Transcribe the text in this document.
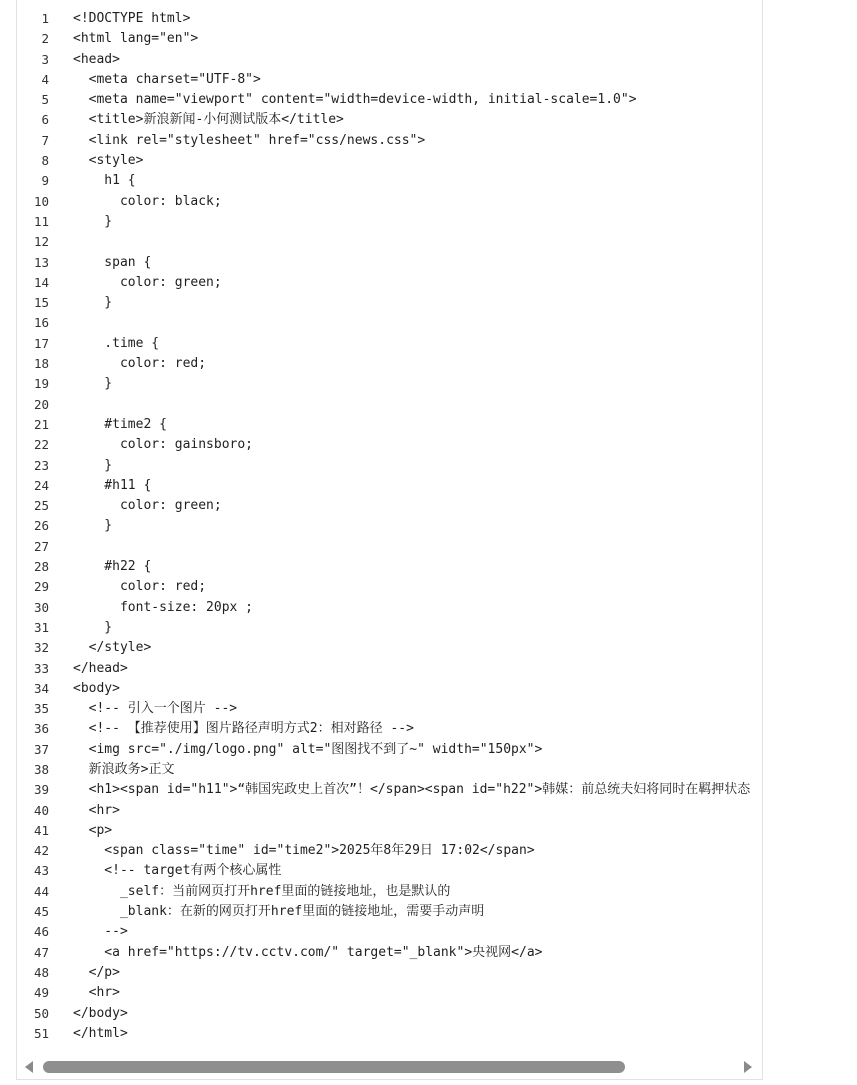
1 <!DOCTYPE html>
2 <html lang="en">
3 <head>
4 <meta charset="UTF-8">
5 <meta name="viewport" content="width=device-width, initial-scale=1.0">
6 <title>新浪新闻-小何测试版本</title>
7 <link rel="stylesheet" href="css/news.css">
8 <style>
9 h1 {
10 color: black;
11 }
12
13 span {
14 color: green;
15 }
16
17 .time {
18 color: red;
19 }
20
21 #time2 {
22 color: gainsboro;
23 }
24 #h11 {
25 color: green;
26 }
27
28 #h22 {
29 color: red;
30 font-size: 20px ;
31 }
32 </style>
33 </head>
34 <body>
35 <!-- 引入一个图片 -->
36 <!-- 【推荐使用】图片路径声明方式2：相对路径 -->
37 <img src="./img/logo.png" alt="图图找不到了~" width="150px">
38 新浪政务>正文
39 <h1><span id="h11">“韩国宪政史上首次”！</span><span id="h22">韩媒：前总统夫妇将同时在羁押状态
40 <hr>
41 <p>
42 <span class="time" id="time2">2025年8年29日 17:02</span>
43 <!-- target有两个核心属性
44 _self：当前网页打开href里面的链接地址，也是默认的
45 _blank：在新的网页打开href里面的链接地址，需要手动声明
46 -->
47 <a href="https://tv.cctv.com/" target="_blank">央视网</a>
48 </p>
49 <hr>
50 </body>
51 </html>
